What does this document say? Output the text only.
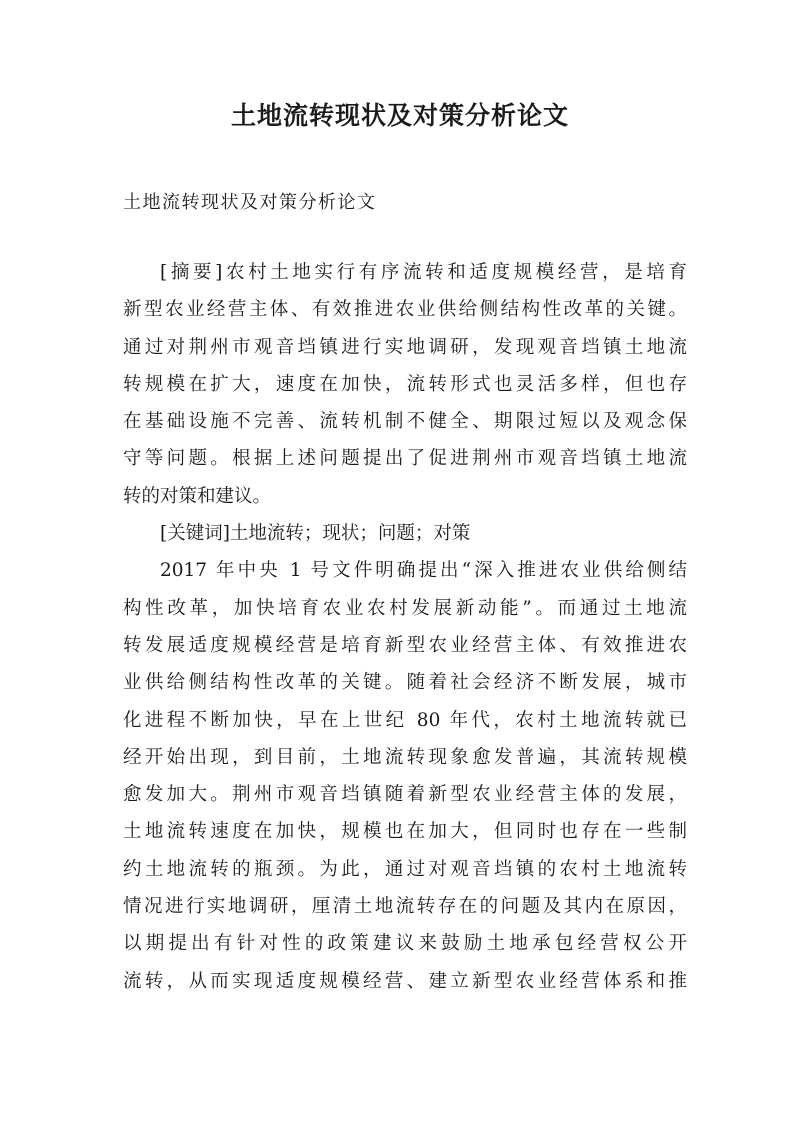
土地流转现状及对策分析论文

土地流转现状及对策分析论文

[摘要]农村土地实行有序流转和适度规模经营，是培育

新型农业经营主体、有效推进农业供给侧结构性改革的关键。

通过对荆州市观音垱镇进行实地调研，发现观音垱镇土地流

转规模在扩大，速度在加快，流转形式也灵活多样，但也存

在基础设施不完善、流转机制不健全、期限过短以及观念保

守等问题。根据上述问题提出了促进荆州市观音垱镇土地流

转的对策和建议。

[关键词]土地流转；现状；问题；对策

2017 年中央 1 号文件明确提出“深入推进农业供给侧结

构性改革，加快培育农业农村发展新动能”。而通过土地流

转发展适度规模经营是培育新型农业经营主体、有效推进农

业供给侧结构性改革的关键。随着社会经济不断发展，城市

化进程不断加快，早在上世纪 80 年代，农村土地流转就已

经开始出现，到目前，土地流转现象愈发普遍，其流转规模

愈发加大。荆州市观音垱镇随着新型农业经营主体的发展，

土地流转速度在加快，规模也在加大，但同时也存在一些制

约土地流转的瓶颈。为此，通过对观音垱镇的农村土地流转

情况进行实地调研，厘清土地流转存在的问题及其内在原因，

以期提出有针对性的政策建议来鼓励土地承包经营权公开

流转，从而实现适度规模经营、建立新型农业经营体系和推
